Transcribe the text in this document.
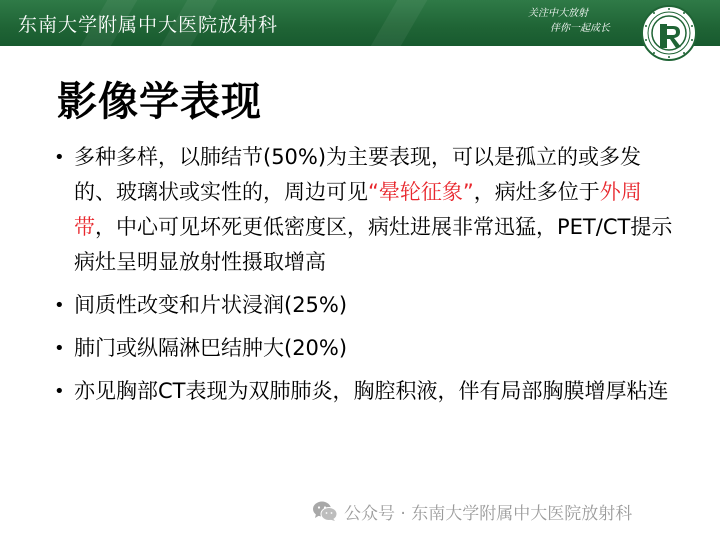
东南大学附属中大医院放射科
关注中大放射
伴你一起成长
影像学表现
• 多种多样，以肺结节(50%)为主要表现，可以是孤立的或多发的、玻璃状或实性的，周边可见“晕轮征象”，病灶多位于外周带，中心可见坏死更低密度区，病灶进展非常迅猛，PET/CT提示病灶呈明显放射性摄取增高
• 间质性改变和片状浸润(25%)
• 肺门或纵隔淋巴结肿大(20%)
• 亦见胸部CT表现为双肺肺炎，胸腔积液，伴有局部胸膜增厚粘连
公众号 · 东南大学附属中大医院放射科
